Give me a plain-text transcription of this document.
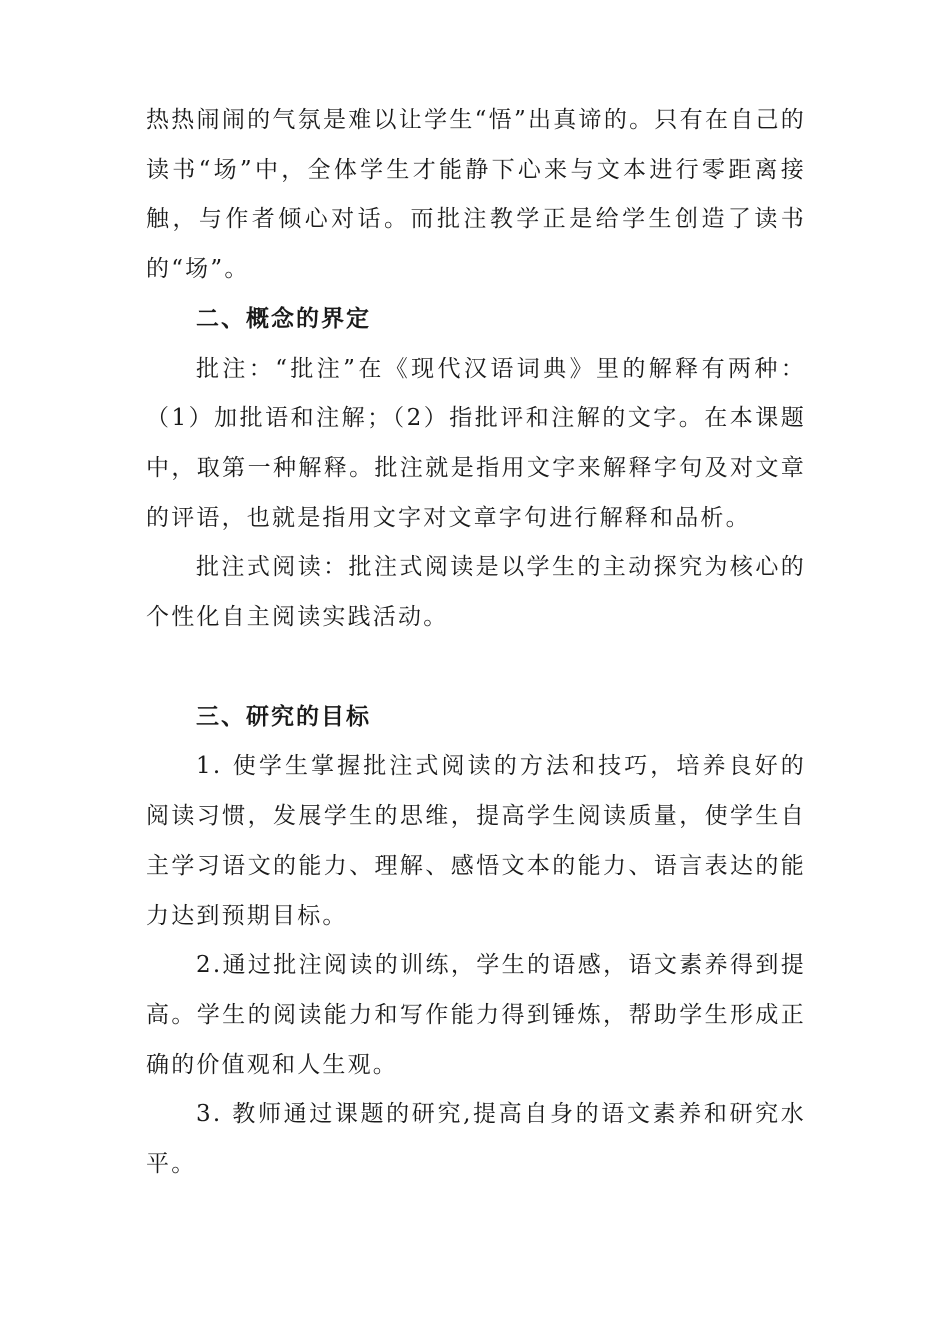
热热闹闹的气氛是难以让学生“悟”出真谛的。只有在自己的读书“场”中，全体学生才能静下心来与文本进行零距离接触，与作者倾心对话。而批注教学正是给学生创造了读书的“场”。

二、概念的界定

批注：“批注”在《现代汉语词典》里的解释有两种：（1）加批语和注解；（2）指批评和注解的文字。在本课题中，取第一种解释。批注就是指用文字来解释字句及对文章的评语，也就是指用文字对文章字句进行解释和品析。

批注式阅读：批注式阅读是以学生的主动探究为核心的个性化自主阅读实践活动。

三、研究的目标

1. 使学生掌握批注式阅读的方法和技巧，培养良好的阅读习惯，发展学生的思维，提高学生阅读质量，使学生自主学习语文的能力、理解、感悟文本的能力、语言表达的能力达到预期目标。

2.通过批注阅读的训练，学生的语感，语文素养得到提高。学生的阅读能力和写作能力得到锤炼，帮助学生形成正确的价值观和人生观。

3. 教师通过课题的研究,提高自身的语文素养和研究水平。
